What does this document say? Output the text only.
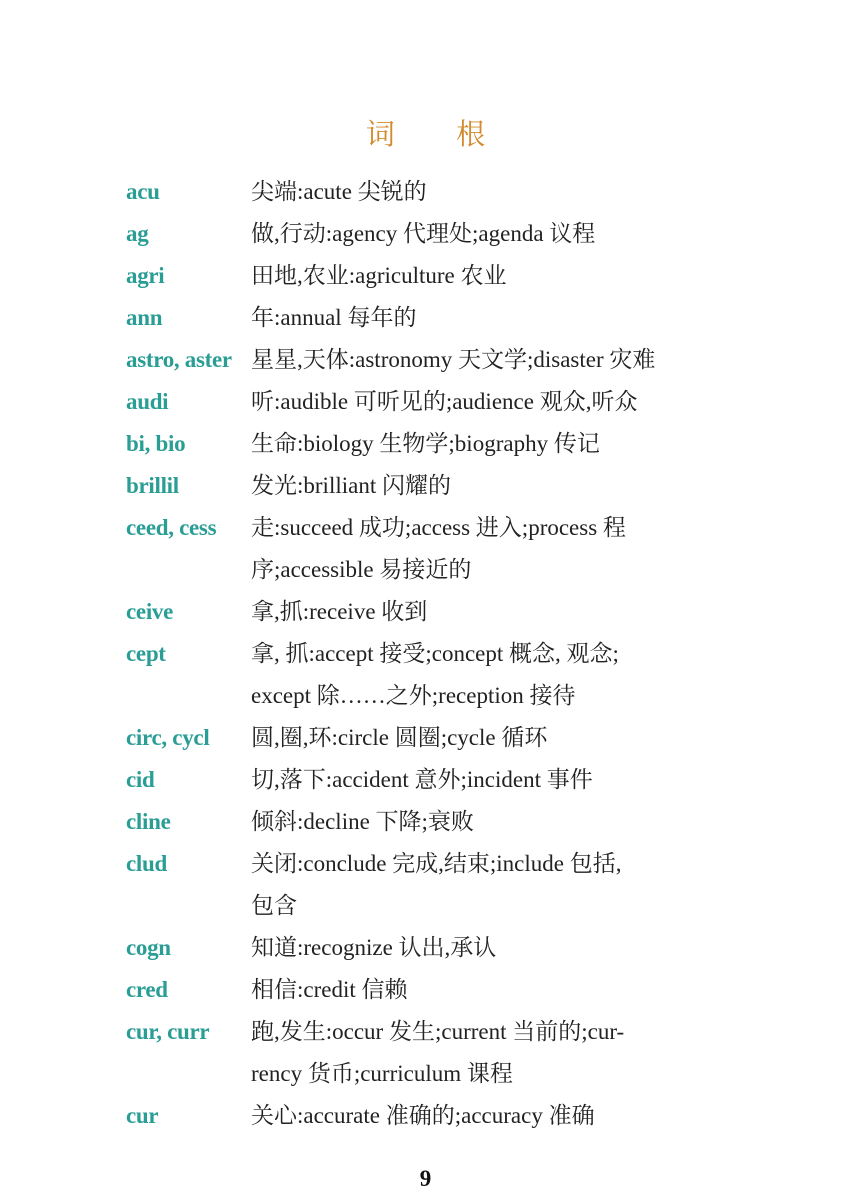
词 根
acu	尖端:acute 尖锐的
ag	做,行动:agency 代理处;agenda 议程
agri	田地,农业:agriculture 农业
ann	年:annual 每年的
astro, aster 星星,天体:astronomy 天文学;disaster 灾难
audi	听:audible 可听见的;audience 观众,听众
bi, bio	生命:biology 生物学;biography 传记
brillil	发光:brilliant 闪耀的
ceed, cess	走:succeed 成功;access 进入;process 程
序;accessible 易接近的
ceive	拿,抓:receive 收到
cept	拿, 抓:accept 接受;concept 概念, 观念;
except 除……之外;reception 接待
circ, cycl	圆,圈,环:circle 圆圈;cycle 循环
cid	切,落下:accident 意外;incident 事件
cline	倾斜:decline 下降;衰败
clud	关闭:conclude 完成,结束;include 包括,
包含
cogn	知道:recognize 认出,承认
cred	相信:credit 信赖
cur, curr	跑,发生:occur 发生;current 当前的;cur-
rency 货币;curriculum 课程
cur	关心:accurate 准确的;accuracy 准确
9
